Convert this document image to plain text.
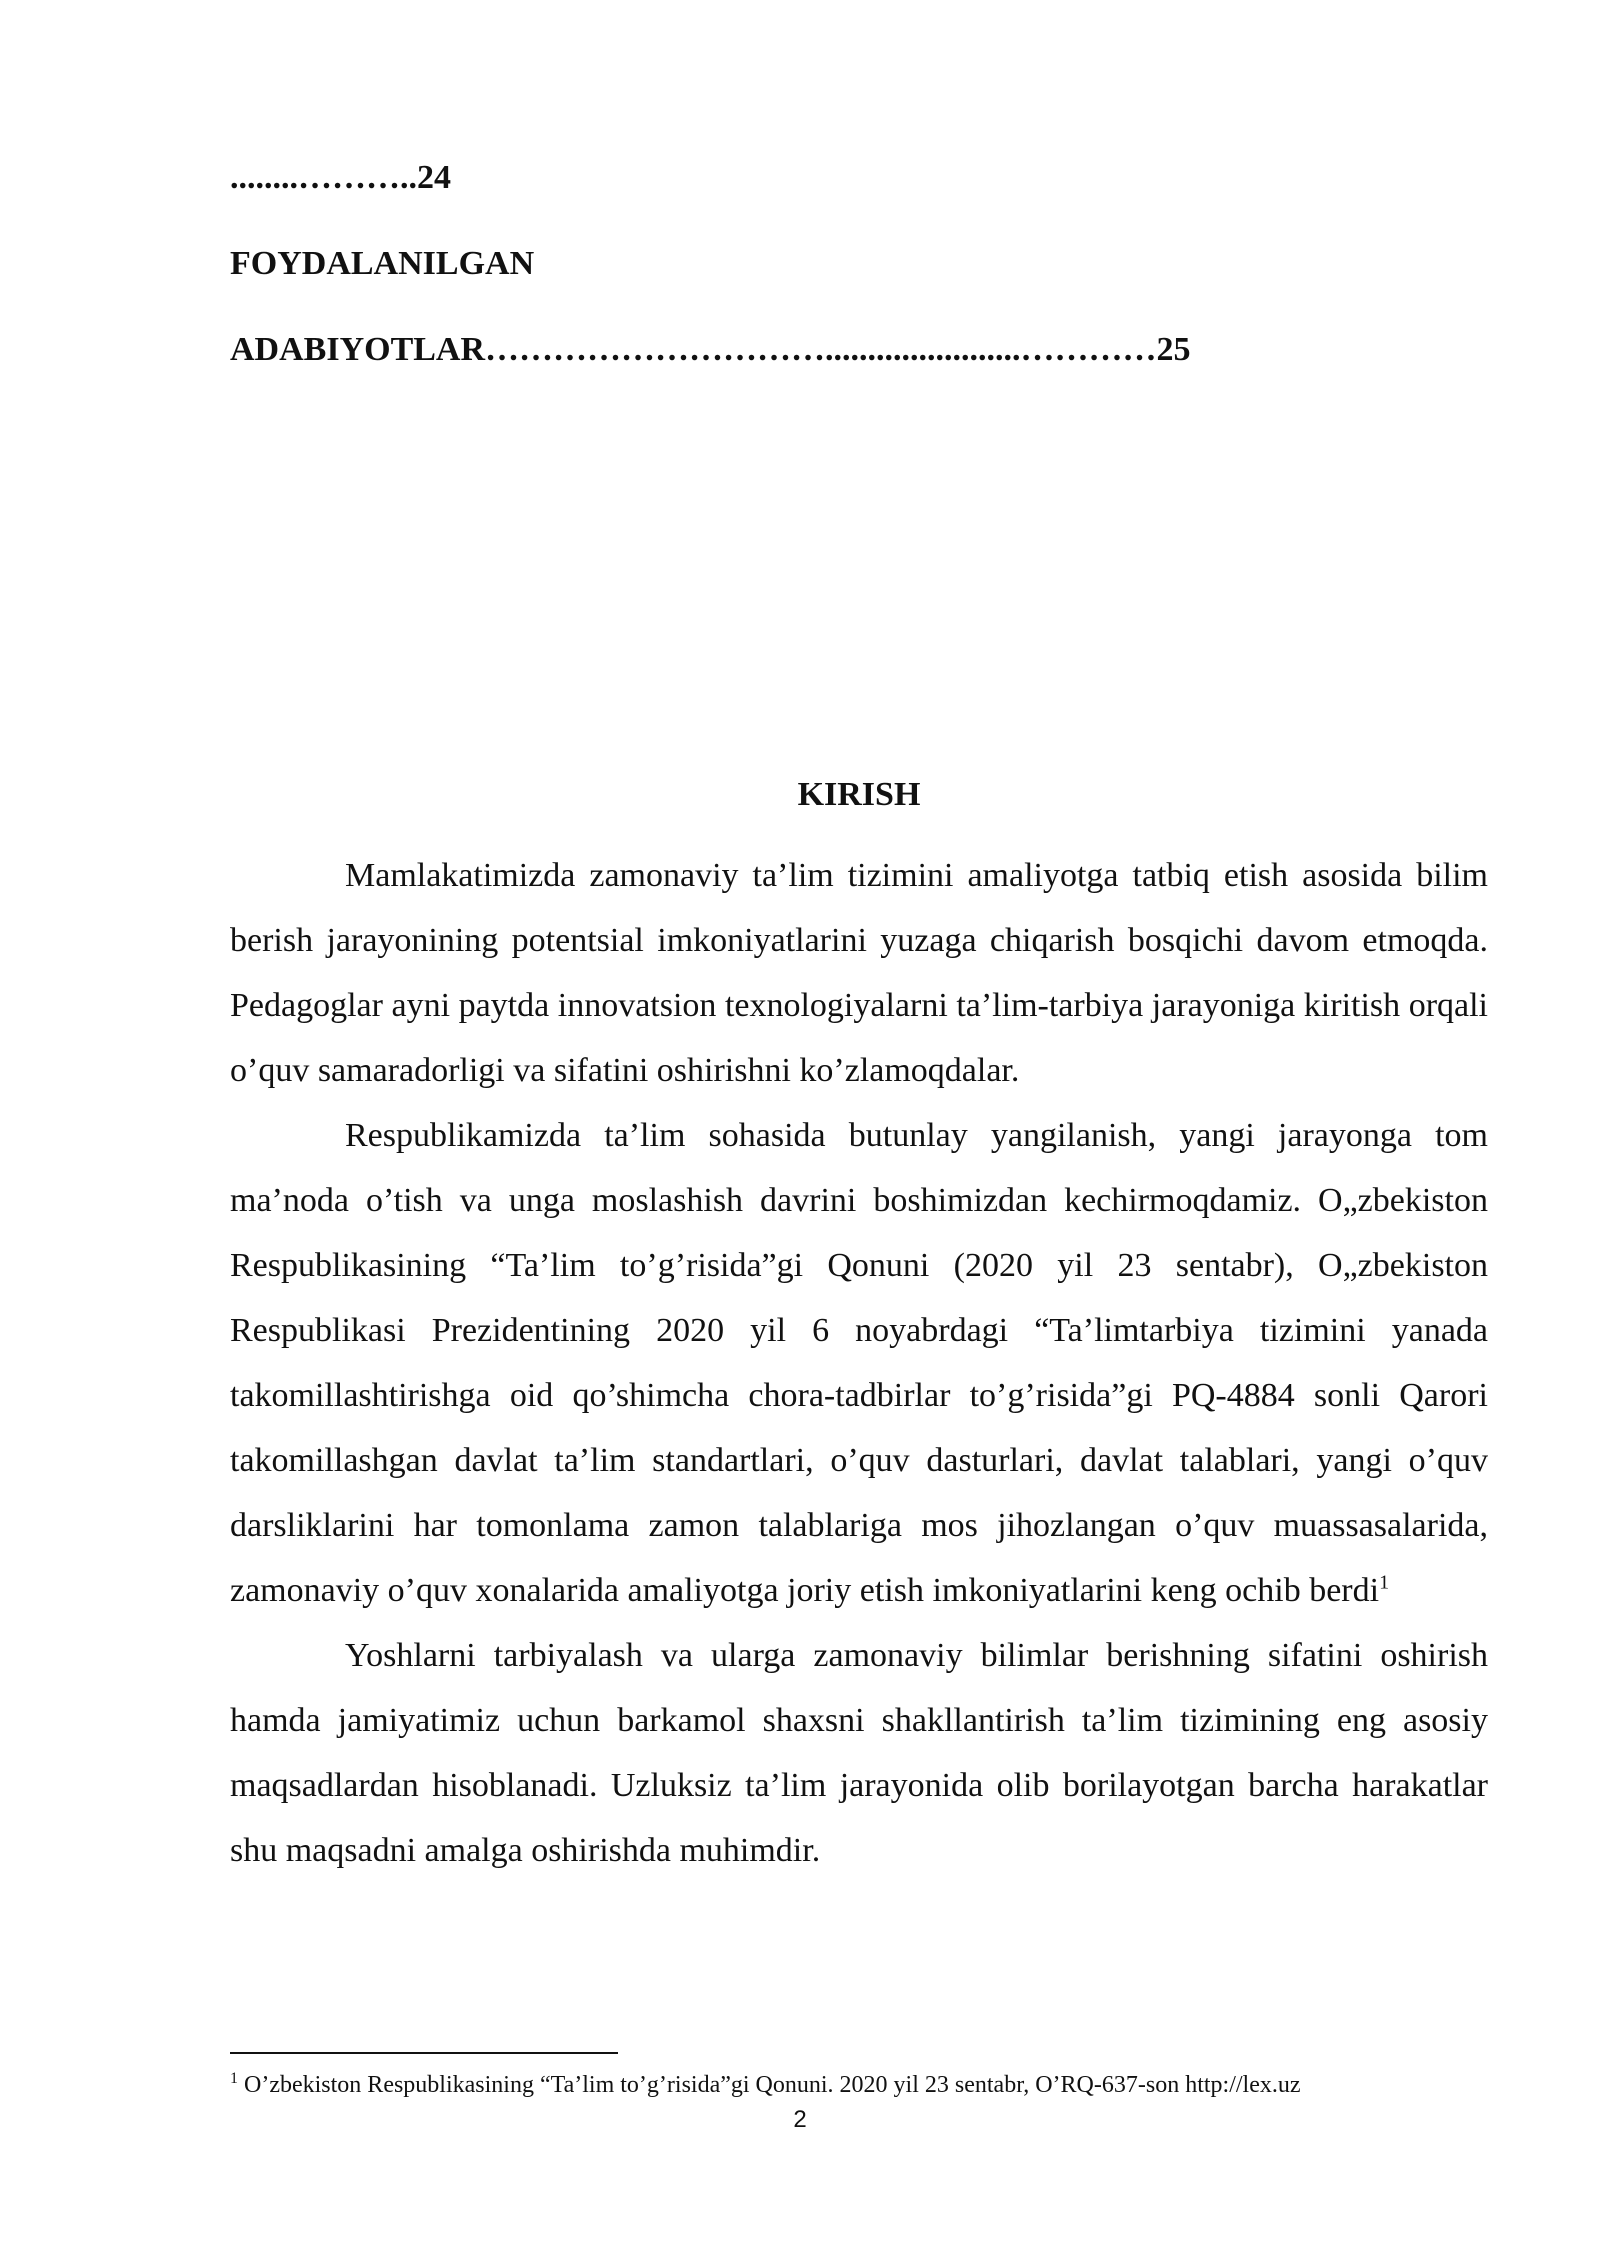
........………..24
FOYDALANILGAN
ADABIYOTLAR………………………….......................…………25
KIRISH

Mamlakatimizda zamonaviy ta’lim tizimini amaliyotga tatbiq etish asosida bilim berish jarayonining potentsial imkoniyatlarini yuzaga chiqarish bosqichi davom etmoqda. Pedagoglar ayni paytda innovatsion texnologiyalarni ta’lim-tarbiya jarayoniga kiritish orqali o’quv samaradorligi va sifatini oshirishni ko’zlamoqdalar.

Respublikamizda ta’lim sohasida butunlay yangilanish, yangi jarayonga tom ma’noda o’tish va unga moslashish davrini boshimizdan kechirmoqdamiz. O„zbekiston Respublikasining “Ta’lim to’g’risida”gi Qonuni (2020 yil 23 sentabr), O„zbekiston Respublikasi Prezidentining 2020 yil 6 noyabrdagi “Ta’limtarbiya tizimini yanada takomillashtirishga oid qo’shimcha chora-tadbirlar to’g’risida”gi PQ-4884 sonli Qarori takomillashgan davlat ta’lim standartlari, o’quv dasturlari, davlat talablari, yangi o’quv darsliklarini har tomonlama zamon talablariga mos jihozlangan o’quv muassasalarida, zamonaviy o’quv xonalarida amaliyotga joriy etish imkoniyatlarini keng ochib berdi$^1$

Yoshlarni tarbiyalash va ularga zamonaviy bilimlar berishning sifatini oshirish hamda jamiyatimiz uchun barkamol shaxsni shakllantirish ta’lim tizimining eng asosiy maqsadlardan hisoblanadi. Uzluksiz ta’lim jarayonida olib borilayotgan barcha harakatlar shu maqsadni amalga oshirishda muhimdir.

$^1$ O’zbekiston Respublikasining “Ta’lim to’g’risida”gi Qonuni. 2020 yil 23 sentabr, O’RQ-637-son http://lex.uz
2
